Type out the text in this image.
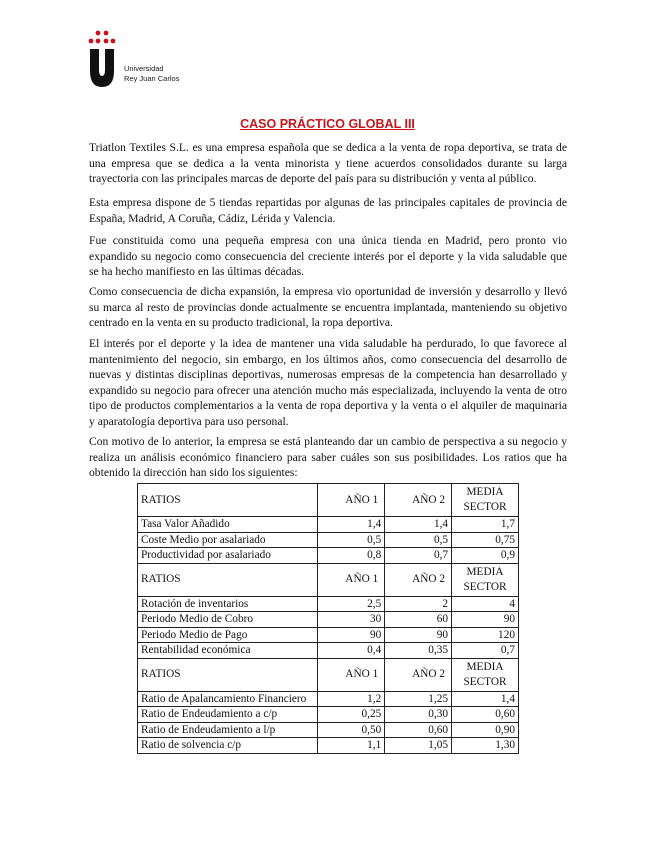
Universidad
Rey Juan Carlos
CASO PRÁCTICO GLOBAL III

Triatlon Textiles S.L. es una empresa española que se dedica a la venta de ropa deportiva, se trata de una empresa que se dedica a la venta minorista y tiene acuerdos consolidados durante su larga trayectoria con las principales marcas de deporte del país para su distribución y venta al público.

Esta empresa dispone de 5 tiendas repartidas por algunas de las principales capitales de provincia de España, Madrid, A Coruña, Cádiz, Lérida y Valencia.

Fue constituida como una pequeña empresa con una única tienda en Madrid, pero pronto vio expandido su negocio como consecuencia del creciente interés por el deporte y la vida saludable que se ha hecho manifiesto en las últimas décadas.

Como consecuencia de dicha expansión, la empresa vio oportunidad de inversión y desarrollo y llevó su marca al resto de provincias donde actualmente se encuentra implantada, manteniendo su objetivo centrado en la venta en su producto tradicional, la ropa deportiva.

El interés por el deporte y la idea de mantener una vida saludable ha perdurado, lo que favorece al mantenimiento del negocio, sin embargo, en los últimos años, como consecuencia del desarrollo de nuevas y distintas disciplinas deportivas, numerosas empresas de la competencia han desarrollado y expandido su negocio para ofrecer una atención mucho más especializada, incluyendo la venta de otro tipo de productos complementarios a la venta de ropa deportiva y la venta o el alquiler de maquinaria y aparatología deportiva para uso personal.

Con motivo de lo anterior, la empresa se está planteando dar un cambio de perspectiva a su negocio y realiza un análisis económico financiero para saber cuáles son sus posibilidades. Los ratios que ha obtenido la dirección han sido los siguientes:

RATIOS	AÑO 1	AÑO 2	MEDIA
SECTOR
Tasa Valor Añadido	1,4	1,4	1,7
Coste Medio por asalariado	0,5	0,5	0,75
Productividad por asalariado	0,8	0,7	0,9
RATIOS	AÑO 1	AÑO 2	MEDIA
SECTOR
Rotación de inventarios	2,5	2	4
Periodo Medio de Cobro	30	60	90
Periodo Medio de Pago	90	90	120
Rentabilidad económica	0,4	0,35	0,7
RATIOS	AÑO 1	AÑO 2	MEDIA
SECTOR
Ratio de Apalancamiento Financiero	1,2	1,25	1,4
Ratio de Endeudamiento a c/p	0,25	0,30	0,60
Ratio de Endeudamiento a l/p	0,50	0,60	0,90
Ratio de solvencia c/p	1,1	1,05	1,30
